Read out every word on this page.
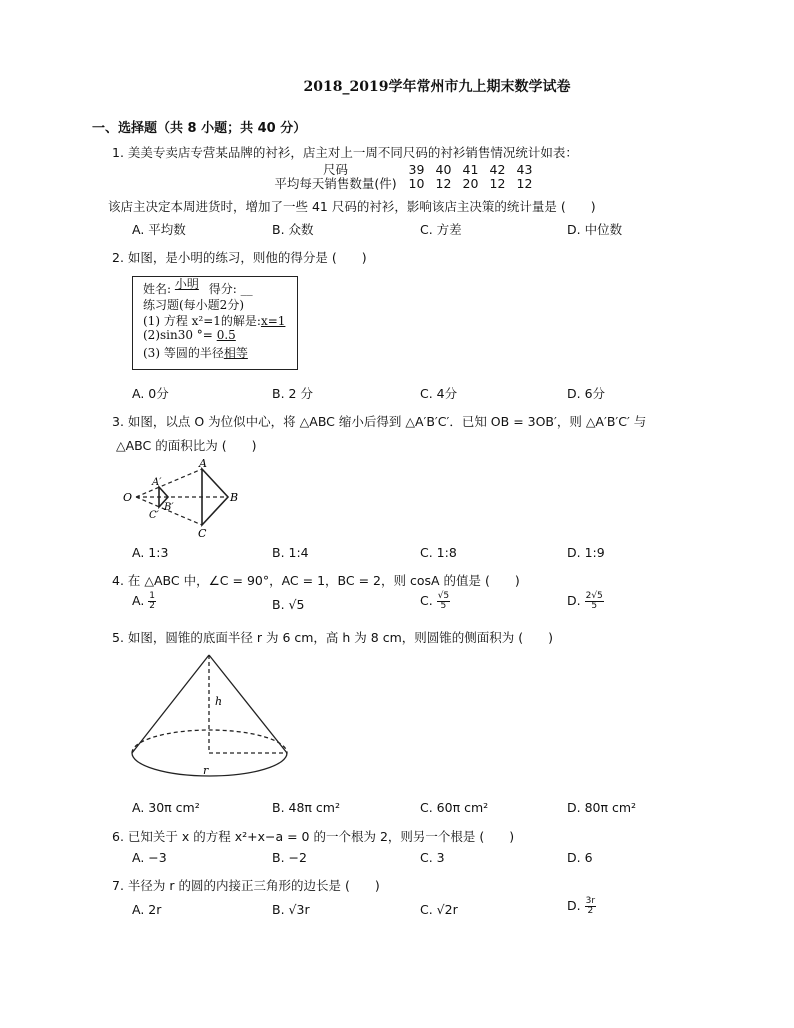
2018_2019学年常州市九上期末数学试卷
一、选择题（共 8 小题；共 40 分）
1. 美美专卖店专营某品牌的衬衫，店主对上一周不同尺码的衬衫销售情况统计如表：
尺码	39	40	41	42	43
平均每天销售数量(件)	10	12	20	12	12
该店主决定本周进货时，增加了一些 41 尺码的衬衫，影响该店主决策的统计量是 (　　)
A. 平均数	B. 众数	C. 方差	D. 中位数
2. 如图，是小明的练习，则他的得分是 (　　)
姓名: 小明 得分: __
练习题(每小题2分)
(1) 方程 x²=1的解是:x=1
(2)sin30 °= 0.5
(3) 等圆的半径相等
A. 0分	B. 2 分	C. 4分	D. 6分
3. 如图，以点 O 为位似中心，将 △ABC 缩小后得到 △A′B′C′．已知 OB = 3OB′，则 △A′B′C′ 与
△ABC 的面积比为 (　　)
O
A
B
C
A′
B′
C′
A. 1:3	B. 1:4	C. 1:8	D. 1:9
4. 在 △ABC 中，∠C = 90°，AC = 1，BC = 2，则 cosA 的值是 (　　)
A. $\frac{1}{2}$	B. √5	C. $\frac{√5}{5}$	D. $\frac{2√5}{5}$
5. 如图，圆锥的底面半径 r 为 6 cm，高 h 为 8 cm，则圆锥的侧面积为 (　　)
h
r
A. 30π cm²	B. 48π cm²	C. 60π cm²	D. 80π cm²
6. 已知关于 x 的方程 x²+x−a = 0 的一个根为 2，则另一个根是 (　　)
A. −3	B. −2	C. 3	D. 6
7. 半径为 r 的圆的内接正三角形的边长是 (　　)
A. 2r	B. √3r	C. √2r	D. $\frac{3r}{2}$
